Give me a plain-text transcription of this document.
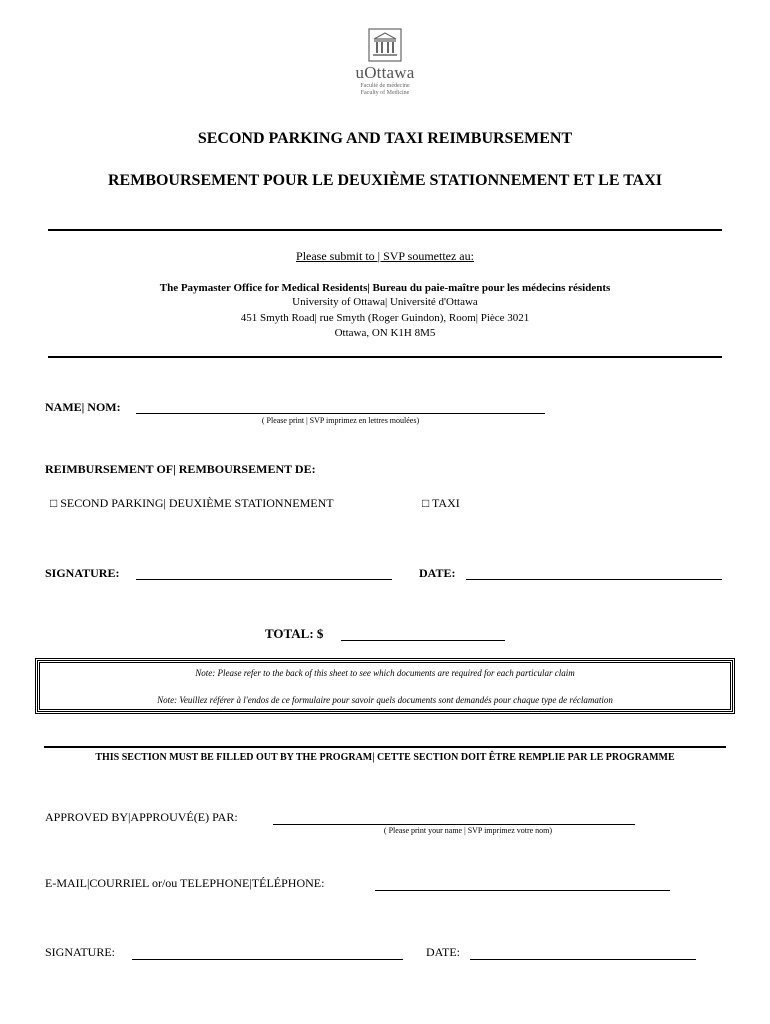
uOttawa
Faculté de médecine
Faculty of Medicine
SECOND PARKING AND TAXI REIMBURSEMENT
REMBOURSEMENT POUR LE DEUXIÈME STATIONNEMENT ET LE TAXI
Please submit to | SVP soumettez au:
The Paymaster Office for Medical Residents| Bureau du paie-maître pour les médecins résidents
University of Ottawa| Université d'Ottawa
451 Smyth Road| rue Smyth (Roger Guindon), Room| Pièce 3021
Ottawa, ON K1H 8M5
NAME| NOM:
( Please print | SVP imprimez en lettres moulées)
REIMBURSEMENT OF| REMBOURSEMENT DE:
□ SECOND PARKING| DEUXIÈME STATIONNEMENT	□ TAXI
SIGNATURE:	DATE:
TOTAL: $
Note: Please refer to the back of this sheet to see which documents are required for each particular claim
Note: Veuillez référer à l'endos de ce formulaire pour savoir quels documents sont demandés pour chaque type de réclamation
THIS SECTION MUST BE FILLED OUT BY THE PROGRAM| CETTE SECTION DOIT ÊTRE REMPLIE PAR LE PROGRAMME
APPROVED BY|APPROUVÉ(E) PAR:
( Please print your name | SVP imprimez votre nom)
E-MAIL|COURRIEL or/ou TELEPHONE|TÉLÉPHONE:
SIGNATURE:	DATE:
